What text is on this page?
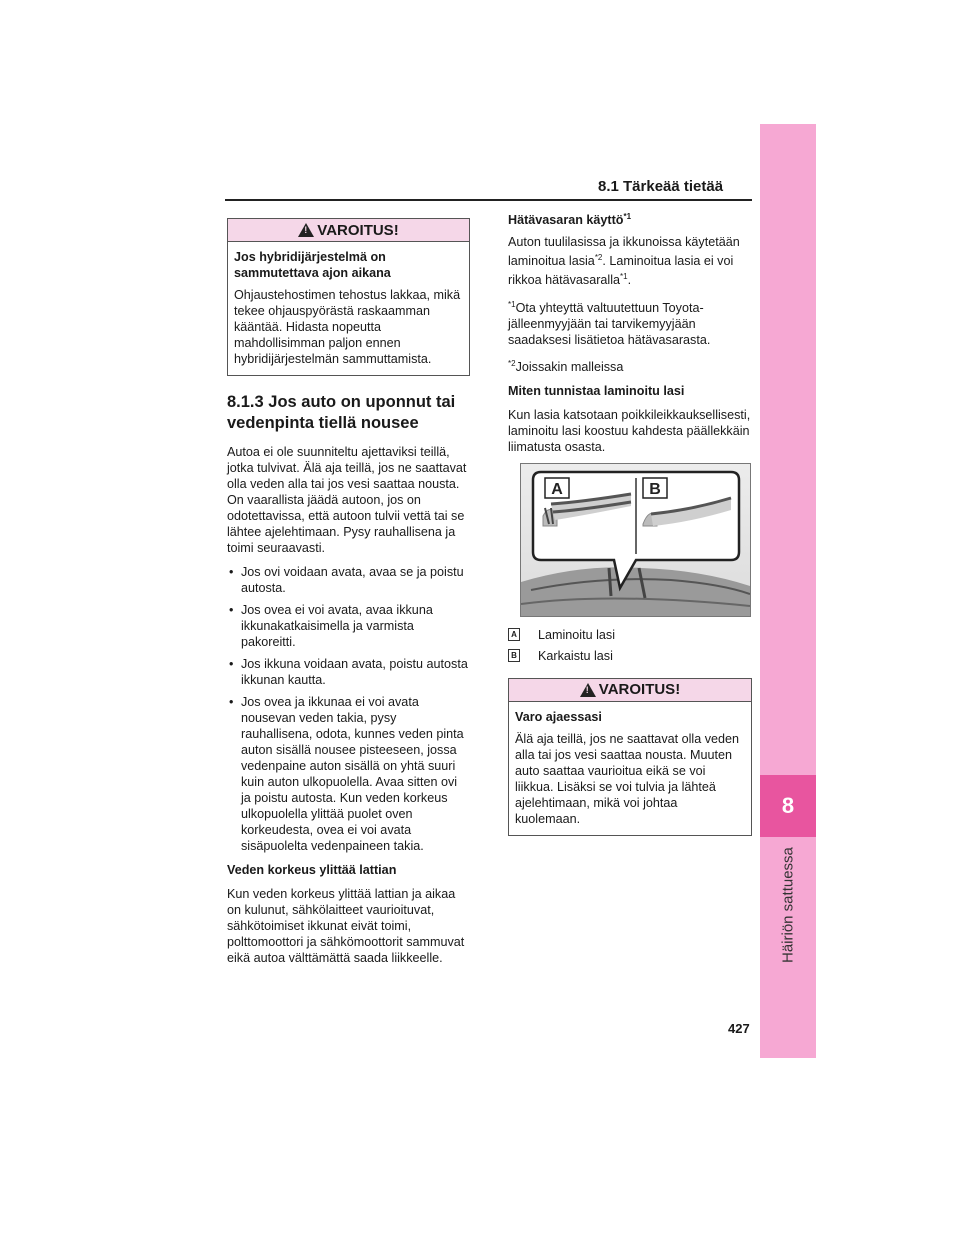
8.1 Tärkeää tietää
8
Häiriön sattuessa
427
!
VAROITUS!
Jos hybridijärjestelmä on sammutettava ajon aikana
Ohjaustehostimen tehostus lakkaa, mikä tekee ohjauspyörästä raskaamman kääntää. Hidasta nopeutta mahdollisimman paljon ennen hybridijärjestelmän sammuttamista.
8.1.3 Jos auto on uponnut tai vedenpinta tiellä nousee

Autoa ei ole suunniteltu ajettaviksi teillä, jotka tulvivat. Älä aja teillä, jos ne saattavat olla veden alla tai jos vesi saattaa nousta. On vaarallista jäädä autoon, jos on odotettavissa, että autoon tulvii vettä tai se lähtee ajelehtimaan. Pysy rauhallisena ja toimi seuraavasti.

• Jos ovi voidaan avata, avaa se ja poistu autosta.
• Jos ovea ei voi avata, avaa ikkuna ikkunakatkaisimella ja varmista pakoreitti.
• Jos ikkuna voidaan avata, poistu autosta ikkunan kautta.
• Jos ovea ja ikkunaa ei voi avata nousevan veden takia, pysy rauhallisena, odota, kunnes veden pinta auton sisällä nousee pisteeseen, jossa vedenpaine auton sisällä on yhtä suuri kuin auton ulkopuolella. Avaa sitten ovi ja poistu autosta. Kun veden korkeus ulkopuolella ylittää puolet oven korkeudesta, ovea ei voi avata sisäpuolelta vedenpaineen takia.
Veden korkeus ylittää lattian

Kun veden korkeus ylittää lattian ja aikaa on kulunut, sähkölaitteet vaurioituvat, sähkötoimiset ikkunat eivät toimi, polttomoottori ja sähkömoottorit sammuvat eikä autoa välttämättä saada liikkeelle.

Hätävasaran käyttö$^{*1}$

Auton tuulilasissa ja ikkunoissa käytetään laminoitua lasia$^{*2}$. Laminoitua lasia ei voi rikkoa hätävasaralla$^{*1}$.

$^{*1}$Ota yhteyttä valtuutettuun Toyota-jälleenmyyjään tai tarvikemyyjään saadaksesi lisätietoa hätävasarasta.

$^{*2}$Joissakin malleissa

Miten tunnistaa laminoitu lasi

Kun lasia katsotaan poikkileikkauksellisesti, laminoitu lasi koostuu kahdesta päällekkäin liimatusta osasta.

A	B
A Laminoitu lasi
B Karkaistu lasi
!
VAROITUS!
Varo ajaessasi
Älä aja teillä, jos ne saattavat olla veden alla tai jos vesi saattaa nousta. Muuten auto saattaa vaurioitua eikä se voi liikkua. Lisäksi se voi tulvia ja lähteä ajelehtimaan, mikä voi johtaa kuolemaan.
